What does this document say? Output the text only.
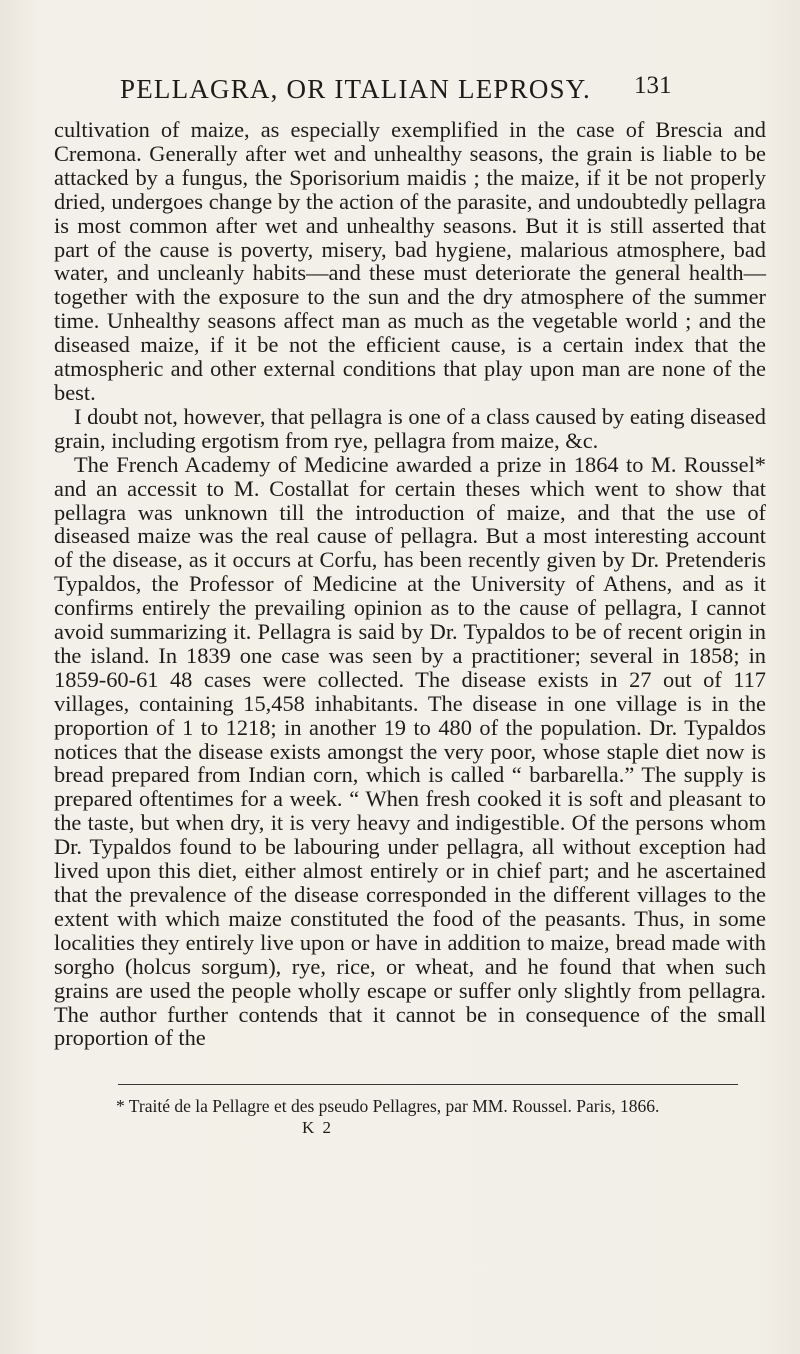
PELLAGRA, OR ITALIAN LEPROSY. 131

cultivation of maize, as especially exemplified in the case of Brescia and Cremona. Generally after wet and unhealthy seasons, the grain is liable to be attacked by a fungus, the Sporisorium maidis ; the maize, if it be not properly dried, undergoes change by the action of the parasite, and undoubtedly pellagra is most common after wet and unhealthy seasons. But it is still asserted that part of the cause is poverty, misery, bad hygiene, malarious atmosphere, bad water, and uncleanly habits—and these must deteriorate the general health—together with the exposure to the sun and the dry atmosphere of the summer time. Unhealthy seasons affect man as much as the vegetable world ; and the diseased maize, if it be not the efficient cause, is a certain index that the atmospheric and other external conditions that play upon man are none of the best.

I doubt not, however, that pellagra is one of a class caused by eating diseased grain, including ergotism from rye, pellagra from maize, &c.

The French Academy of Medicine awarded a prize in 1864 to M. Roussel* and an accessit to M. Costallat for certain theses which went to show that pellagra was unknown till the introduction of maize, and that the use of diseased maize was the real cause of pellagra. But a most interesting account of the disease, as it occurs at Corfu, has been recently given by Dr. Pretenderis Typaldos, the Professor of Medicine at the University of Athens, and as it confirms entirely the prevailing opinion as to the cause of pellagra, I cannot avoid summarizing it. Pellagra is said by Dr. Typaldos to be of recent origin in the island. In 1839 one case was seen by a practitioner; several in 1858; in 1859-60-61 48 cases were collected. The disease exists in 27 out of 117 villages, containing 15,458 inhabitants. The disease in one village is in the proportion of 1 to 1218; in another 19 to 480 of the population. Dr. Typaldos notices that the disease exists amongst the very poor, whose staple diet now is bread prepared from Indian corn, which is called “ barbarella.” The supply is prepared oftentimes for a week. “ When fresh cooked it is soft and pleasant to the taste, but when dry, it is very heavy and indigestible. Of the persons whom Dr. Typaldos found to be labouring under pellagra, all without exception had lived upon this diet, either almost entirely or in chief part; and he ascertained that the prevalence of the disease corresponded in the different villages to the extent with which maize constituted the food of the peasants. Thus, in some localities they entirely live upon or have in addition to maize, bread made with sorgho (holcus sorgum), rye, rice, or wheat, and he found that when such grains are used the people wholly escape or suffer only slightly from pellagra. The author further contends that it cannot be in consequence of the small proportion of the

* Traité de la Pellagre et des pseudo Pellagres, par MM. Roussel. Paris, 1866.
K 2
